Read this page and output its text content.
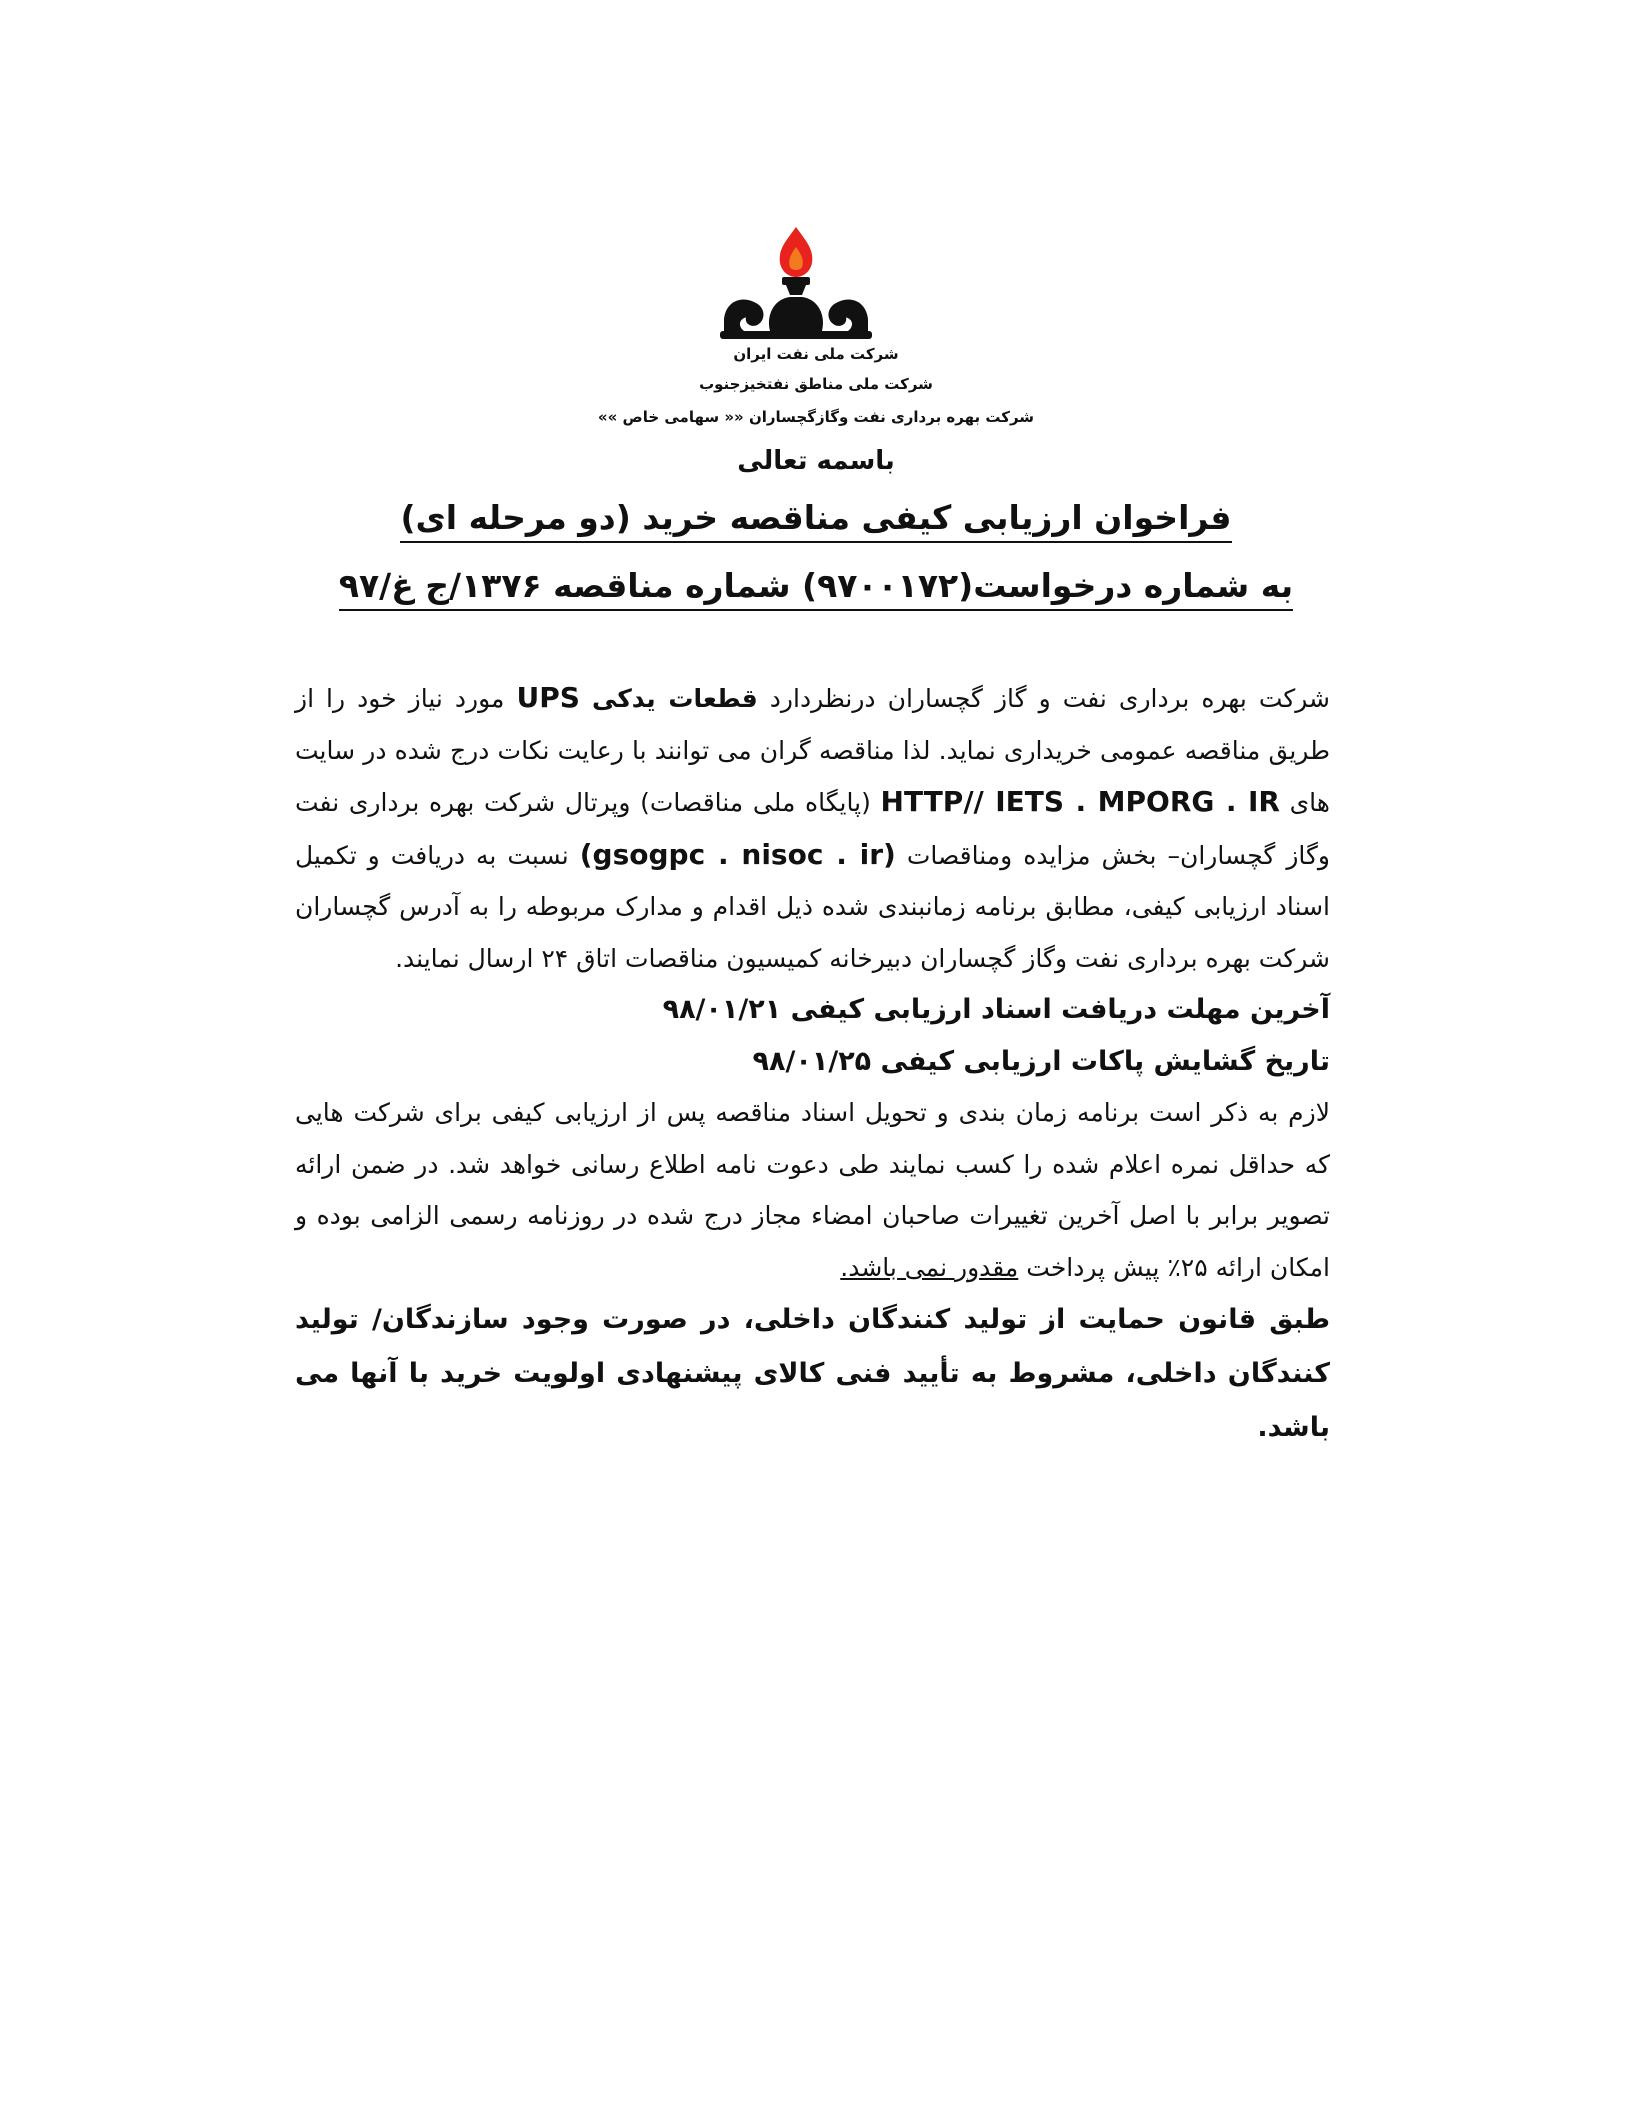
شرکت ملی نفت ایران
شرکت ملی مناطق نفتخیزجنوب
شرکت بهره برداری نفت وگازگچساران «« سهامی خاص »»
باسمه تعالی
فراخوان ارزیابی کیفی مناقصه خرید (دو مرحله ای)
به شماره درخواست(۹۷۰۰۱۷۲) شماره مناقصه ۱۳۷۶/ج غ/۹۷

شرکت بهره برداری نفت و گاز گچساران درنظردارد قطعات یدکی UPS مورد نیاز خود را از طریق مناقصه عمومی خریداری نماید. لذا مناقصه گران می توانند با رعایت نکات درج شده در سایت های HTTP// IETS . MPORG . IR (پایگاه ملی مناقصات) وپرتال شرکت بهره برداری نفت وگاز گچساران– بخش مزایده ومناقصات (gsogpc . nisoc . ir) نسبت به دریافت و تکمیل اسناد ارزیابی کیفی، مطابق برنامه زمانبندی شده ذیل اقدام و مدارک مربوطه را به آدرس گچساران شرکت بهره برداری نفت وگاز گچساران دبیرخانه کمیسیون مناقصات اتاق ۲۴ ارسال نمایند.

آخرین مهلت دریافت اسناد ارزیابی کیفی ۹۸/۰۱/۲۱

تاریخ گشایش پاکات ارزیابی کیفی ۹۸/۰۱/۲۵

لازم به ذکر است برنامه زمان بندی و تحویل اسناد مناقصه پس از ارزیابی کیفی برای شرکت هایی که حداقل نمره اعلام شده را کسب نمایند طی دعوت نامه اطلاع رسانی خواهد شد. در ضمن ارائه تصویر برابر با اصل آخرین تغییرات صاحبان امضاء مجاز درج شده در روزنامه رسمی الزامی بوده و امکان ارائه ۲۵٪ پیش پرداخت مقدور نمی باشد.

طبق قانون حمایت از تولید کنندگان داخلی، در صورت وجود سازندگان/ تولید کنندگان داخلی، مشروط به تأیید فنی کالای پیشنهادی اولویت خرید با آنها می باشد.
